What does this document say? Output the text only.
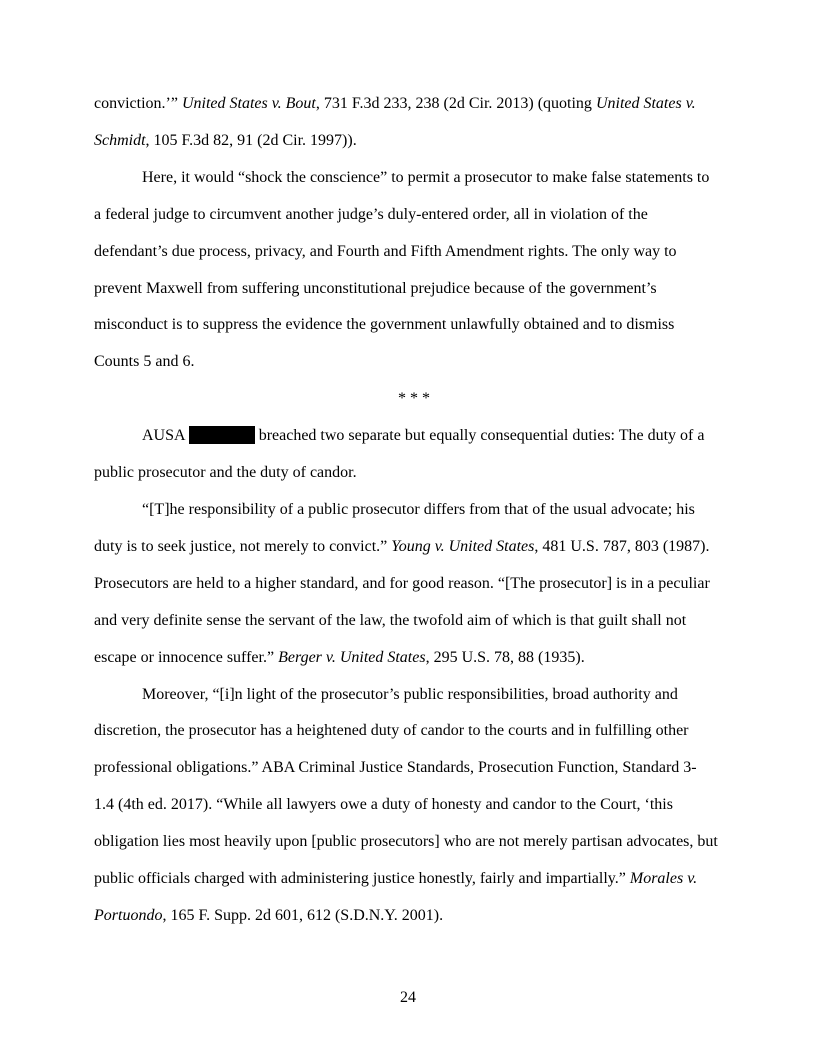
conviction.’” United States v. Bout, 731 F.3d 233, 238 (2d Cir. 2013) (quoting United States v.
Schmidt, 105 F.3d 82, 91 (2d Cir. 1997)).
Here, it would “shock the conscience” to permit a prosecutor to make false statements to
a federal judge to circumvent another judge’s duly-entered order, all in violation of the
defendant’s due process, privacy, and Fourth and Fifth Amendment rights. The only way to
prevent Maxwell from suffering unconstitutional prejudice because of the government’s
misconduct is to suppress the evidence the government unlawfully obtained and to dismiss
Counts 5 and 6.
* * *
AUSA	breached two separate but equally consequential duties: The duty of a
public prosecutor and the duty of candor.
“[T]he responsibility of a public prosecutor differs from that of the usual advocate; his
duty is to seek justice, not merely to convict.” Young v. United States, 481 U.S. 787, 803 (1987).
Prosecutors are held to a higher standard, and for good reason. “[The prosecutor] is in a peculiar
and very definite sense the servant of the law, the twofold aim of which is that guilt shall not
escape or innocence suffer.” Berger v. United States, 295 U.S. 78, 88 (1935).
Moreover, “[i]n light of the prosecutor’s public responsibilities, broad authority and
discretion, the prosecutor has a heightened duty of candor to the courts and in fulfilling other
professional obligations.” ABA Criminal Justice Standards, Prosecution Function, Standard 3-
1.4 (4th ed. 2017). “While all lawyers owe a duty of honesty and candor to the Court, ‘this
obligation lies most heavily upon [public prosecutors] who are not merely partisan advocates, but
public officials charged with administering justice honestly, fairly and impartially.” Morales v.
Portuondo, 165 F. Supp. 2d 601, 612 (S.D.N.Y. 2001).
24
